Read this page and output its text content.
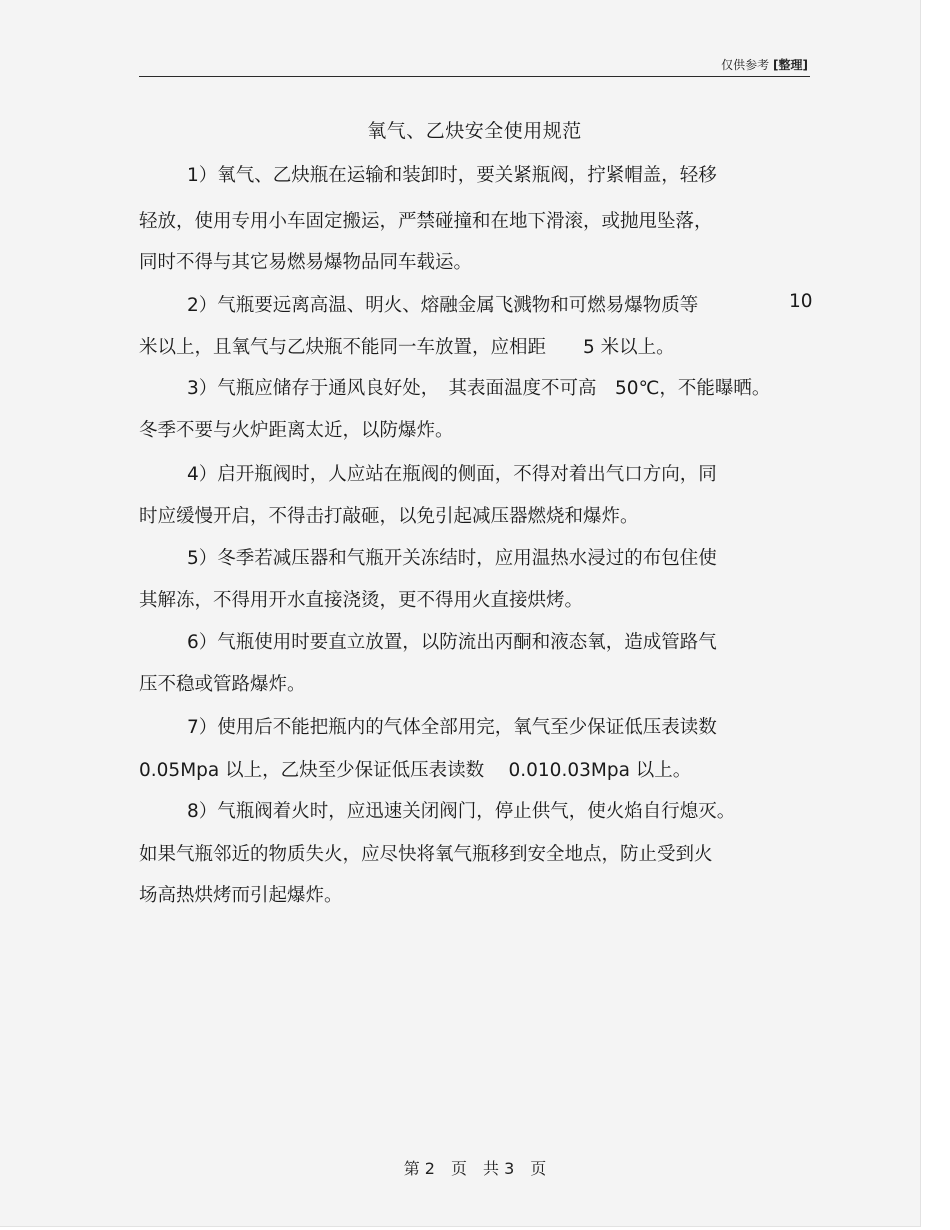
仅供参考 [整理]
氧气、乙炔安全使用规范
1）氧气、乙炔瓶在运输和装卸时，要关紧瓶阀，拧紧帽盖，轻移
轻放，使用专用小车固定搬运，严禁碰撞和在地下滑滚，或抛甩坠落，
同时不得与其它易燃易爆物品同车载运。
2）气瓶要远离高温、明火、熔融金属飞溅物和可燃易爆物质等	10
米以上，且氧气与乙炔瓶不能同一车放置，应相距　　5 米以上。
3）气瓶应储存于通风良好处，　其表面温度不可高　50℃，不能曝晒。
冬季不要与火炉距离太近，以防爆炸。
4）启开瓶阀时，人应站在瓶阀的侧面，不得对着出气口方向，同
时应缓慢开启，不得击打敲砸，以免引起减压器燃烧和爆炸。
5）冬季若减压器和气瓶开关冻结时，应用温热水浸过的布包住使
其解冻，不得用开水直接浇烫，更不得用火直接烘烤。
6）气瓶使用时要直立放置，以防流出丙酮和液态氧，造成管路气
压不稳或管路爆炸。
7）使用后不能把瓶内的气体全部用完，氧气至少保证低压表读数
0.05Mpa 以上，乙炔至少保证低压表读数　 0.010.03Mpa 以上。
8）气瓶阀着火时，应迅速关闭阀门，停止供气，使火焰自行熄灭。
如果气瓶邻近的物质失火，应尽快将氧气瓶移到安全地点，防止受到火
场高热烘烤而引起爆炸。
第 2　页　共 3　页
